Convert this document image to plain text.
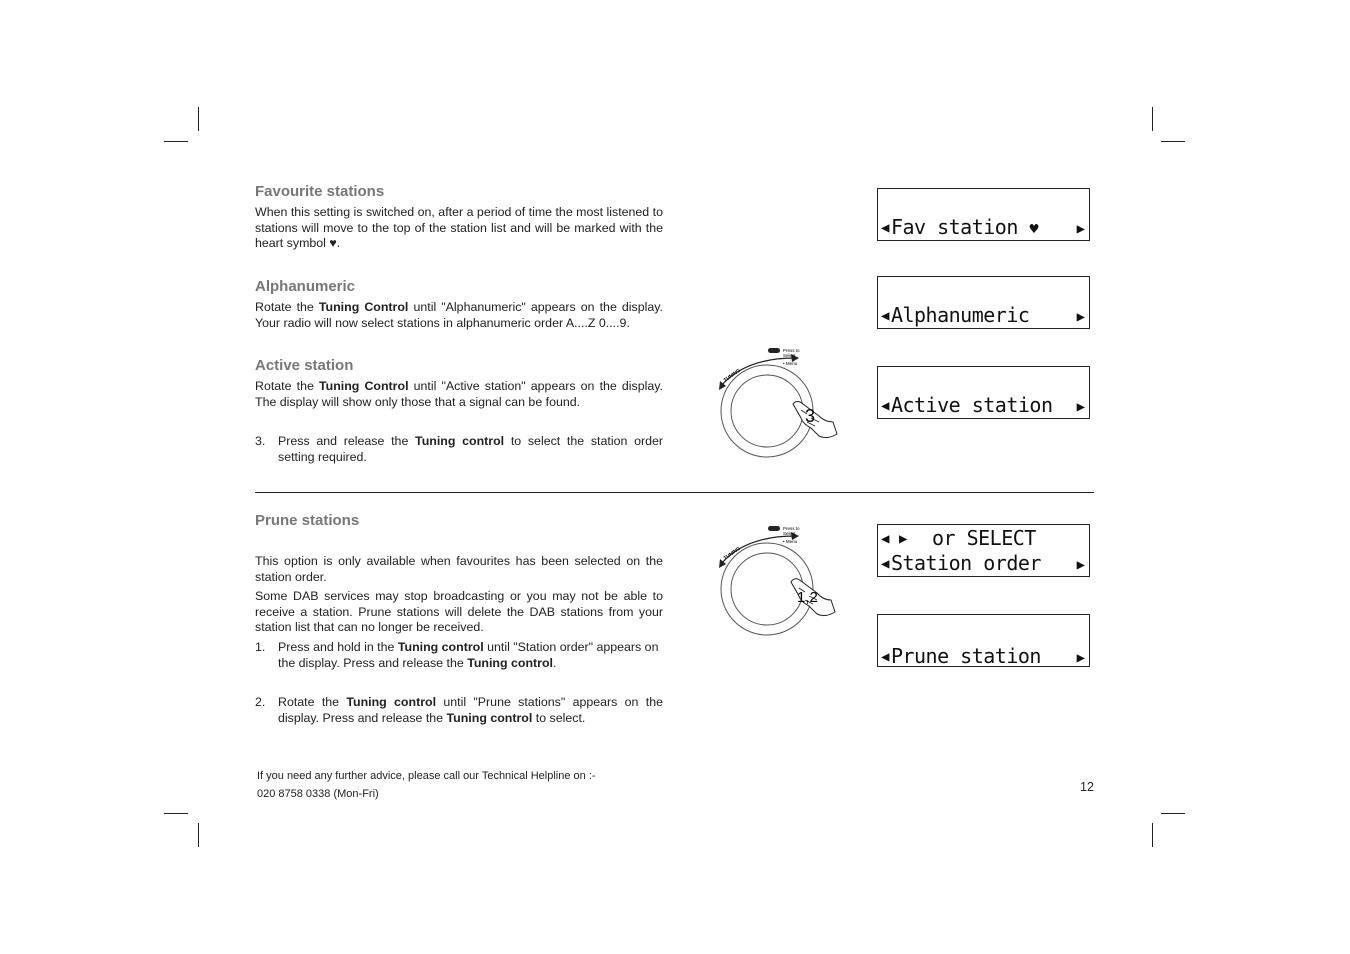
Favourite stations
When this setting is switched on, after a period of time the most listened to stations will move to the top of the station list and will be marked with the heart symbol ♥.
Alphanumeric
Rotate the Tuning Control until "Alphanumeric" appears on the display. Your radio will now select stations in alphanumeric order A....Z 0....9.
Active station
Rotate the Tuning Control until "Active station" appears on the display. The display will show only those that a signal can be found.
3. Press and release the Tuning control to select the station order setting required.
Prune stations
This option is only available when favourites has been selected on the station order.
Some DAB services may stop broadcasting or you may not be able to receive a station. Prune stations will delete the DAB stations from your station list that can no longer be received.
1. Press and hold in the Tuning control until "Station order" appears on the display. Press and release the Tuning control.
2. Rotate the Tuning control until "Prune stations" appears on the display. Press and release the Tuning control to select.
◀ Fav station ♥	▶
◀ Alphanumeric	▶
◀ Active station ▶
◀ ▶  or SELECT
◀ Station order	▶
◀ Prune station	▶
TUNING
Press to
Select
• Menu
3
TUNING
Press to
Select
• Menu
1,2
If you need any further advice, please call our Technical Helpline on :-
020 8758 0338 (Mon-Fri)	12
